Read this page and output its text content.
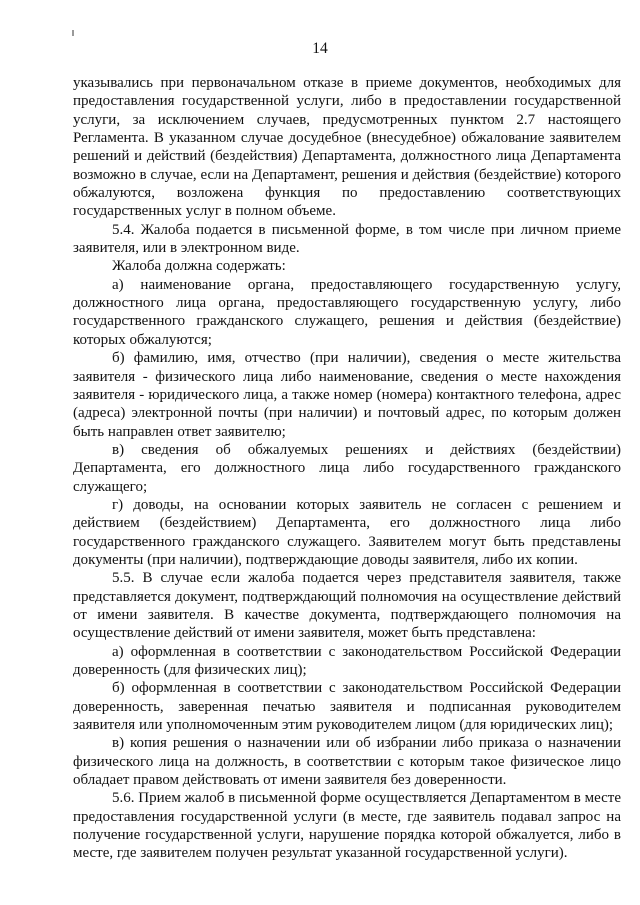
14

указывались при первоначальном отказе в приеме документов, необходимых для предоставления государственной услуги, либо в предоставлении государственной услуги, за исключением случаев, предусмотренных пунктом 2.7 настоящего Регламента. В указанном случае досудебное (внесудебное) обжалование заявителем решений и действий (бездействия) Департамента, должностного лица Департамента возможно в случае, если на Департамент, решения и действия (бездействие) которого обжалуются, возложена функция по предоставлению соответствующих государственных услуг в полном объеме.

5.4. Жалоба подается в письменной форме, в том числе при личном приеме заявителя, или в электронном виде.

Жалоба должна содержать:

а) наименование органа, предоставляющего государственную услугу, должностного лица органа, предоставляющего государственную услугу, либо государственного гражданского служащего, решения и действия (бездействие) которых обжалуются;

б) фамилию, имя, отчество (при наличии), сведения о месте жительства заявителя - физического лица либо наименование, сведения о месте нахождения заявителя - юридического лица, а также номер (номера) контактного телефона, адрес (адреса) электронной почты (при наличии) и почтовый адрес, по которым должен быть направлен ответ заявителю;

в) сведения об обжалуемых решениях и действиях (бездействии) Департамента, его должностного лица либо государственного гражданского служащего;

г) доводы, на основании которых заявитель не согласен с решением и действием (бездействием) Департамента, его должностного лица либо государственного гражданского служащего. Заявителем могут быть представлены документы (при наличии), подтверждающие доводы заявителя, либо их копии.

5.5. В случае если жалоба подается через представителя заявителя, также представляется документ, подтверждающий полномочия на осуществление действий от имени заявителя. В качестве документа, подтверждающего полномочия на осуществление действий от имени заявителя, может быть представлена:

а) оформленная в соответствии с законодательством Российской Федерации доверенность (для физических лиц);

б) оформленная в соответствии с законодательством Российской Федерации доверенность, заверенная печатью заявителя и подписанная руководителем заявителя или уполномоченным этим руководителем лицом (для юридических лиц);

в) копия решения о назначении или об избрании либо приказа о назначении физического лица на должность, в соответствии с которым такое физическое лицо обладает правом действовать от имени заявителя без доверенности.

5.6. Прием жалоб в письменной форме осуществляется Департаментом в месте предоставления государственной услуги (в месте, где заявитель подавал запрос на получение государственной услуги, нарушение порядка которой обжалуется, либо в месте, где заявителем получен результат указанной государственной услуги).
